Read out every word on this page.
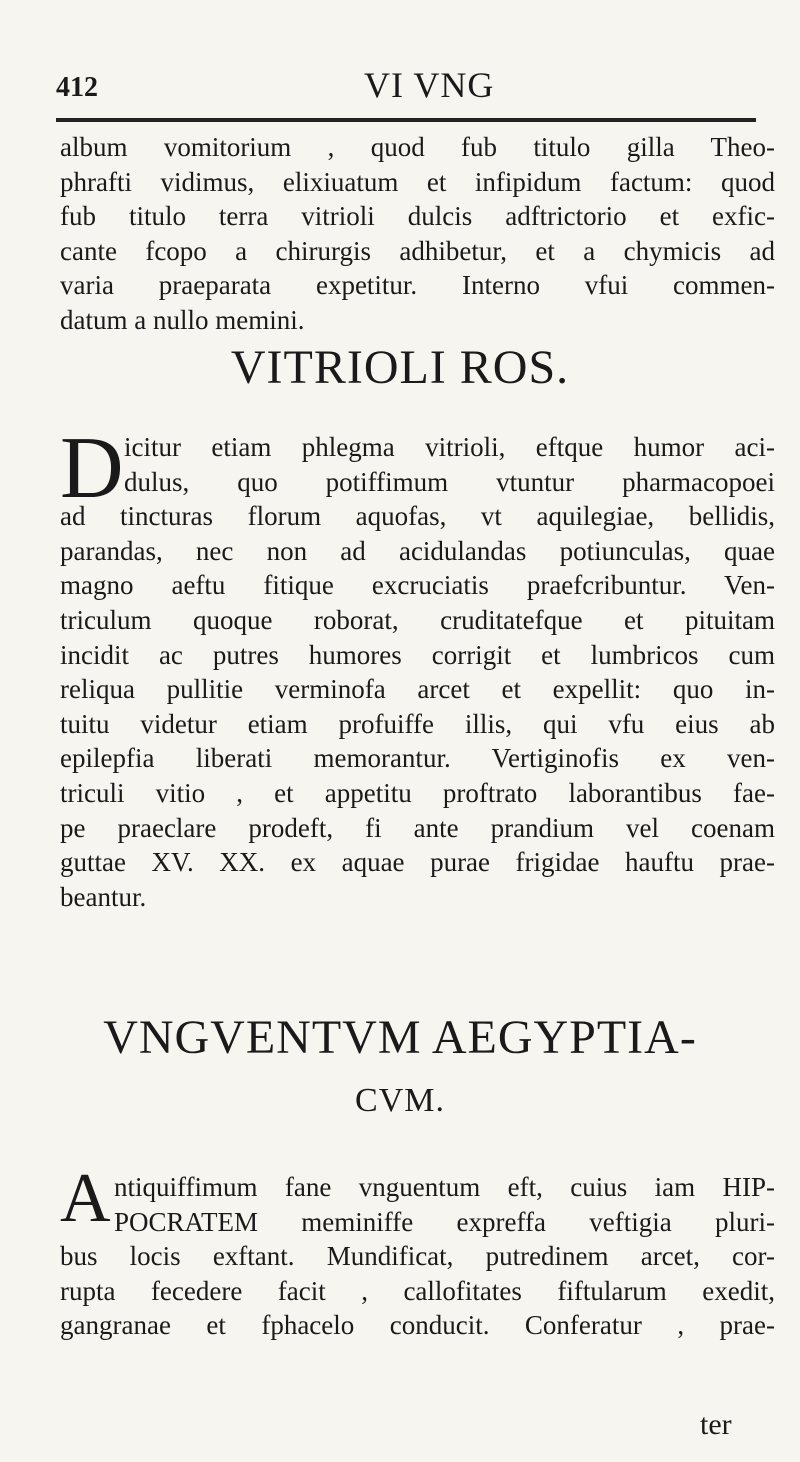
412	VI VNG
album vomitorium , quod fub titulo gilla Theo-
phrafti vidimus, elixiuatum et infipidum factum: quod
fub titulo terra vitrioli dulcis adftrictorio et exfic-
cante fcopo a chirurgis adhibetur, et a chymicis ad
varia praeparata expetitur. Interno vfui commen-
datum a nullo memini.
VITRIOLI ROS.
D icitur etiam phlegma vitrioli, eftque humor aci-
dulus, quo potiffimum vtuntur pharmacopoei
ad tincturas florum aquofas, vt aquilegiae, bellidis,
parandas, nec non ad acidulandas potiunculas, quae
magno aeftu fitique excruciatis praefcribuntur. Ven-
triculum quoque roborat, cruditatefque et pituitam
incidit ac putres humores corrigit et lumbricos cum
reliqua pullitie verminofa arcet et expellit: quo in-
tuitu videtur etiam profuiffe illis, qui vfu eius ab
epilepfia liberati memorantur. Vertiginofis ex ven-
triculi vitio , et appetitu proftrato laborantibus fae-
pe praeclare prodeft, fi ante prandium vel coenam
guttae XV. XX. ex aquae purae frigidae hauftu prae-
beantur.
VNGVENTVM AEGYPTIA-
CVM.
A ntiquiffimum fane vnguentum eft, cuius iam HIP-
POCRATEM meminiffe expreffa veftigia pluri-
bus locis exftant. Mundificat, putredinem arcet, cor-
rupta fecedere facit , callofitates fiftularum exedit,
gangranae et fphacelo conducit. Conferatur , prae-
ter
